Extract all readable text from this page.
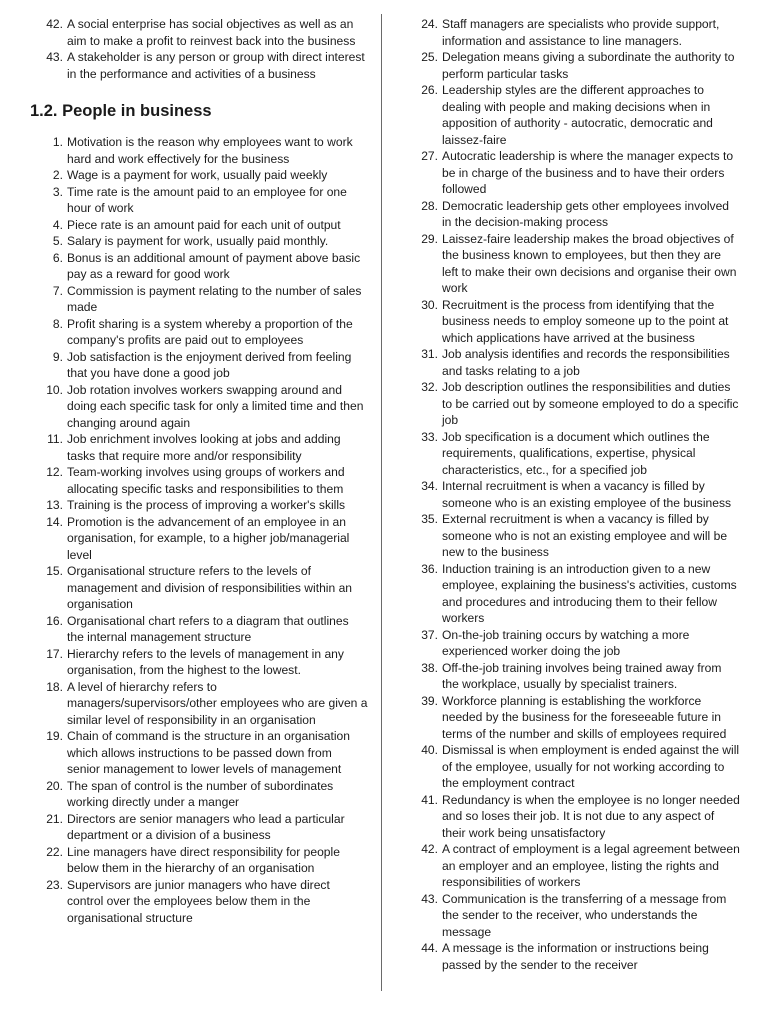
42. A social enterprise has social objectives as well as an aim to make a profit to reinvest back into the business
43. A stakeholder is any person or group with direct interest in the performance and activities of a business
1.2. People in business
1. Motivation is the reason why employees want to work hard and work effectively for the business
2. Wage is a payment for work, usually paid weekly
3. Time rate is the amount paid to an employee for one hour of work
4. Piece rate is an amount paid for each unit of output
5. Salary is payment for work, usually paid monthly.
6. Bonus is an additional amount of payment above basic pay as a reward for good work
7. Commission is payment relating to the number of sales made
8. Profit sharing is a system whereby a proportion of the company's profits are paid out to employees
9. Job satisfaction is the enjoyment derived from feeling that you have done a good job
10. Job rotation involves workers swapping around and doing each specific task for only a limited time and then changing around again
11. Job enrichment involves looking at jobs and adding tasks that require more and/or responsibility
12. Team-working involves using groups of workers and allocating specific tasks and responsibilities to them
13. Training is the process of improving a worker's skills
14. Promotion is the advancement of an employee in an organisation, for example, to a higher job/managerial level
15. Organisational structure refers to the levels of management and division of responsibilities within an organisation
16. Organisational chart refers to a diagram that outlines the internal management structure
17. Hierarchy refers to the levels of management in any organisation, from the highest to the lowest.
18. A level of hierarchy refers to managers/supervisors/other employees who are given a similar level of responsibility in an organisation
19. Chain of command is the structure in an organisation which allows instructions to be passed down from senior management to lower levels of management
20. The span of control is the number of subordinates working directly under a manger
21. Directors are senior managers who lead a particular department or a division of a business
22. Line managers have direct responsibility for people below them in the hierarchy of an organisation
23. Supervisors are junior managers who have direct control over the employees below them in the organisational structure
24. Staff managers are specialists who provide support, information and assistance to line managers.
25. Delegation means giving a subordinate the authority to perform particular tasks
26. Leadership styles are the different approaches to dealing with people and making decisions when in apposition of authority - autocratic, democratic and laissez-faire
27. Autocratic leadership is where the manager expects to be in charge of the business and to have their orders followed
28. Democratic leadership gets other employees involved in the decision-making process
29. Laissez-faire leadership makes the broad objectives of the business known to employees, but then they are left to make their own decisions and organise their own work
30. Recruitment is the process from identifying that the business needs to employ someone up to the point at which applications have arrived at the business
31. Job analysis identifies and records the responsibilities and tasks relating to a job
32. Job description outlines the responsibilities and duties to be carried out by someone employed to do a specific job
33. Job specification is a document which outlines the requirements, qualifications, expertise, physical characteristics, etc., for a specified job
34. Internal recruitment is when a vacancy is filled by someone who is an existing employee of the business
35. External recruitment is when a vacancy is filled by someone who is not an existing employee and will be new to the business
36. Induction training is an introduction given to a new employee, explaining the business's activities, customs and procedures and introducing them to their fellow workers
37. On-the-job training occurs by watching a more experienced worker doing the job
38. Off-the-job training involves being trained away from the workplace, usually by specialist trainers.
39. Workforce planning is establishing the workforce needed by the business for the foreseeable future in terms of the number and skills of employees required
40. Dismissal is when employment is ended against the will of the employee, usually for not working according to the employment contract
41. Redundancy is when the employee is no longer needed and so loses their job. It is not due to any aspect of their work being unsatisfactory
42. A contract of employment is a legal agreement between an employer and an employee, listing the rights and responsibilities of workers
43. Communication is the transferring of a message from the sender to the receiver, who understands the message
44. A message is the information or instructions being passed by the sender to the receiver
